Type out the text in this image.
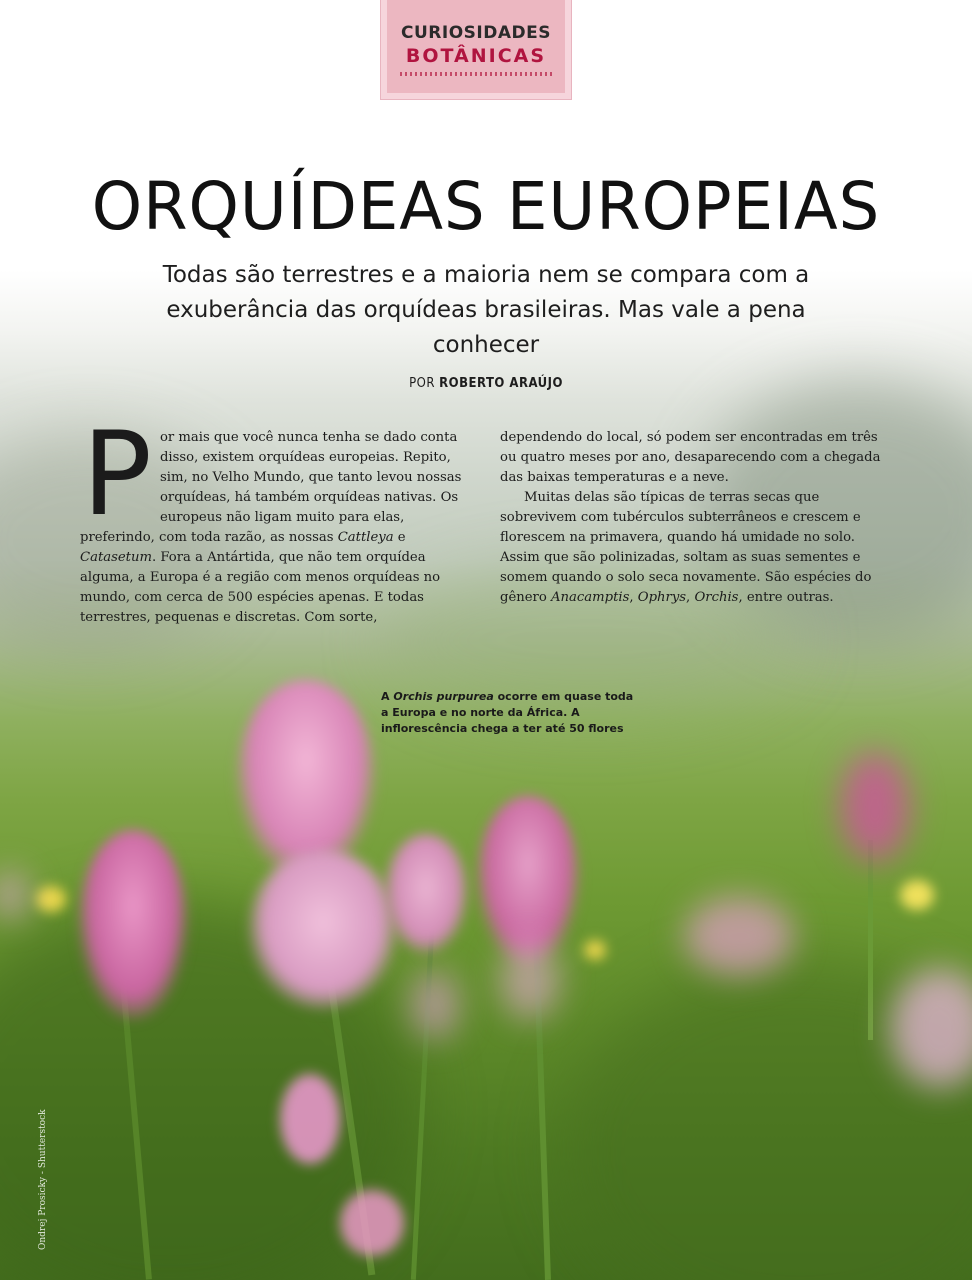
CURIOSIDADES
BOTÂNICAS
ORQUÍDEAS EUROPEIAS

Todas são terrestres e a maioria nem se compara com a exuberância das orquídeas brasileiras. Mas vale a pena conhecer

POR ROBERTO ARAÚJO

Por mais que você nunca tenha se dado conta disso, existem orquídeas europeias. Repito, sim, no Velho Mundo, que tanto levou nossas orquídeas, há também orquídeas nativas. Os europeus não ligam muito para elas, preferindo, com toda razão, as nossas Cattleya e Catasetum. Fora a Antártida, que não tem orquídea alguma, a Europa é a região com menos orquídeas no mundo, com cerca de 500 espécies apenas. E todas terrestres, pequenas e discretas. Com sorte,

dependendo do local, só podem ser encontradas em três ou quatro meses por ano, desaparecendo com a chegada das baixas temperaturas e a neve.

Muitas delas são típicas de terras secas que sobrevivem com tubérculos subterrâneos e crescem e florescem na primavera, quando há umidade no solo. Assim que são polinizadas, soltam as suas sementes e somem quando o solo seca novamente. São espécies do gênero Anacamptis, Ophrys, Orchis, entre outras.

A Orchis purpurea ocorre em quase toda a Europa e no norte da África. A inflorescência chega a ter até 50 flores
Ondrej Prosicky - Shutterstock
